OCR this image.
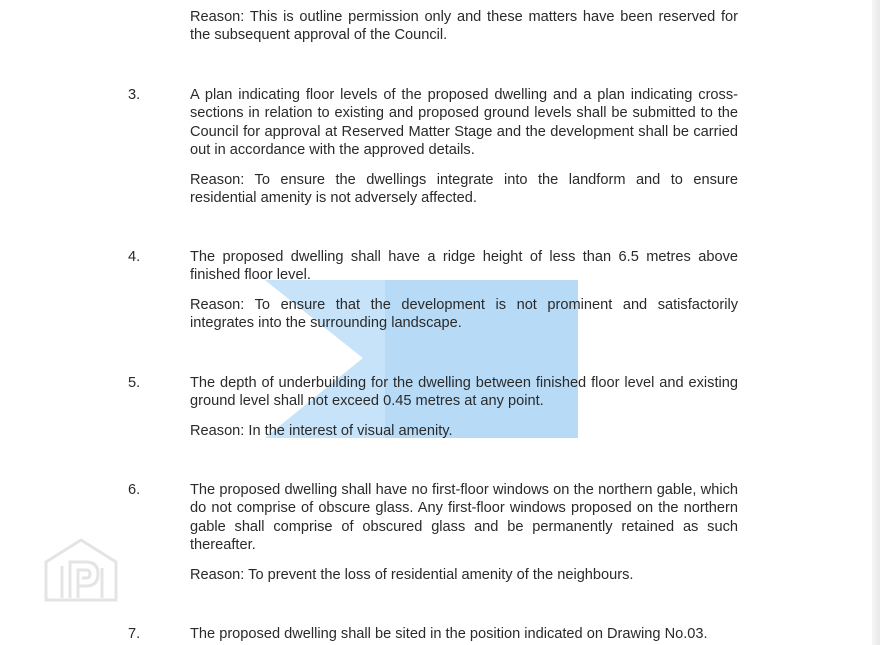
Reason: This is outline permission only and these matters have been reserved for the subsequent approval of the Council.

3.	A plan indicating floor levels of the proposed dwelling and a plan indicating cross-sections in relation to existing and proposed ground levels shall be submitted to the Council for approval at Reserved Matter Stage and the development shall be carried out in accordance with the approved details.

Reason: To ensure the dwellings integrate into the landform and to ensure residential amenity is not adversely affected.

4.	The proposed dwelling shall have a ridge height of less than 6.5 metres above finished floor level.

Reason: To ensure that the development is not prominent and satisfactorily integrates into the surrounding landscape.

5.	The depth of underbuilding for the dwelling between finished floor level and existing ground level shall not exceed 0.45 metres at any point.

Reason: In the interest of visual amenity.

6.	The proposed dwelling shall have no first-floor windows on the northern gable, which do not comprise of obscure glass. Any first-floor windows proposed on the northern gable shall comprise of obscured glass and be permanently retained as such thereafter.

Reason: To prevent the loss of residential amenity of the neighbours.

7.	The proposed dwelling shall be sited in the position indicated on Drawing No.03.
